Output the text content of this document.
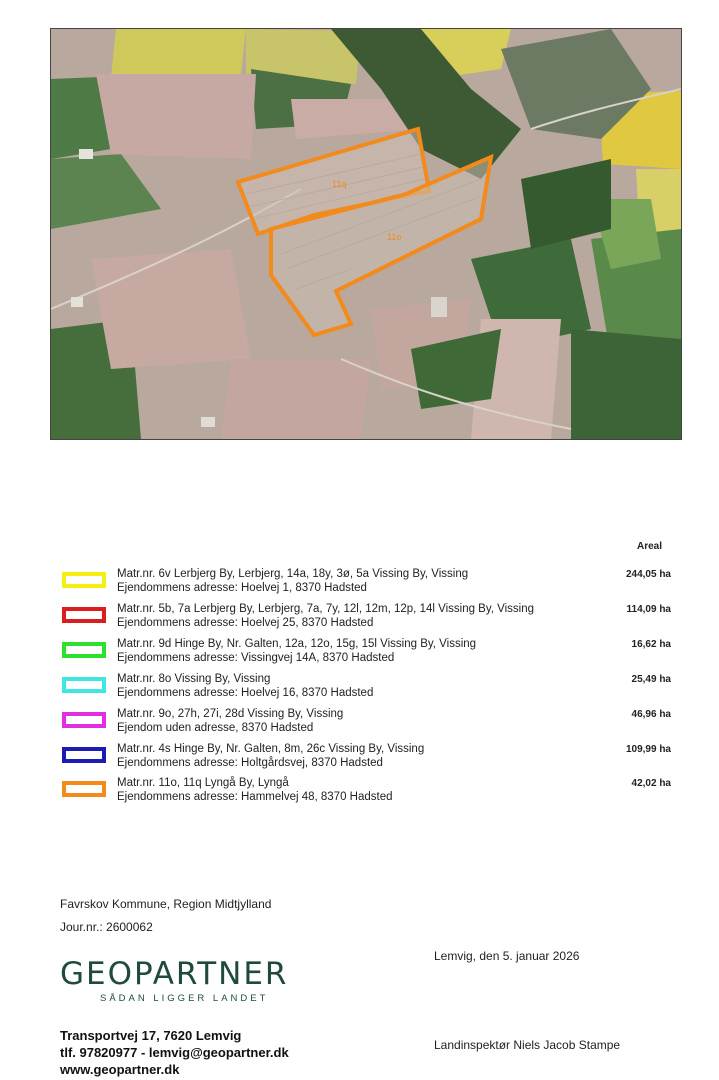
11q
11o
Areal
Matr.nr. 6v Lerbjerg By, Lerbjerg, 14a, 18y, 3ø, 5a Vissing By, Vissing
Ejendommens adresse: Hoelvej 1, 8370 Hadsted
244,05 ha
Matr.nr. 5b, 7a Lerbjerg By, Lerbjerg, 7a, 7y, 12l, 12m, 12p, 14l Vissing By, Vissing
Ejendommens adresse: Hoelvej 25, 8370 Hadsted
114,09 ha
Matr.nr. 9d Hinge By, Nr. Galten, 12a, 12o, 15g, 15l Vissing By, Vissing
Ejendommens adresse: Vissingvej 14A, 8370 Hadsted
16,62 ha
Matr.nr. 8o Vissing By, Vissing
Ejendommens adresse: Hoelvej 16, 8370 Hadsted
25,49 ha
Matr.nr. 9o, 27h, 27i, 28d Vissing By, Vissing
Ejendom uden adresse, 8370 Hadsted
46,96 ha
Matr.nr. 4s Hinge By, Nr. Galten, 8m, 26c Vissing By, Vissing
Ejendommens adresse: Holtgårdsvej, 8370 Hadsted
109,99 ha
Matr.nr. 11o, 11q Lyngå By, Lyngå
Ejendommens adresse: Hammelvej 48, 8370 Hadsted
42,02 ha
Favrskov Kommune, Region Midtjylland
Jour.nr.: 2600062
GEOPARTNER
SÅDAN LIGGER LANDET
Transportvej 17, 7620 Lemvig
tlf. 97820977 - lemvig@geopartner.dk
www.geopartner.dk
Lemvig, den 5. januar 2026
Landinspektør Niels Jacob Stampe
